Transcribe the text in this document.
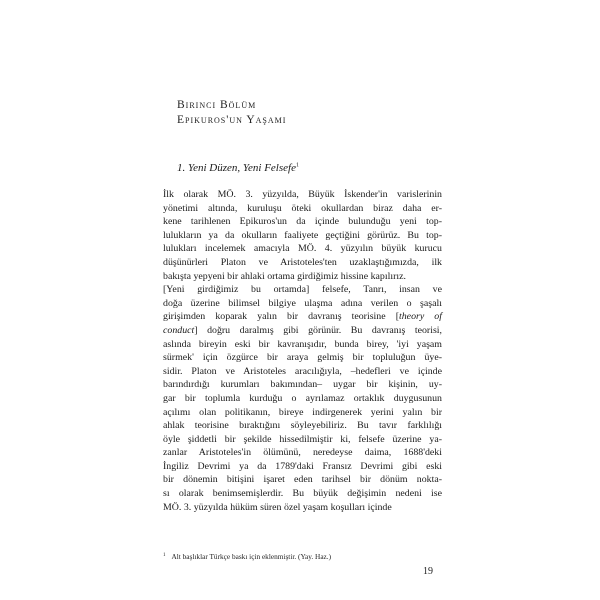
Birinci Bölüm
Epikuros'un Yaşamı
1. Yeni Düzen, Yeni Felsefe$^1$
İlk olarak MÖ. 3. yüzyılda, Büyük İskender'in varislerinin
yönetimi altında, kuruluşu öteki okullardan biraz daha er-
kene tarihlenen Epikuros'un da içinde bulunduğu yeni top-
lulukların ya da okulların faaliyete geçtiğini görürüz. Bu top-
lulukları incelemek amacıyla MÖ. 4. yüzyılın büyük kurucu
düşünürleri Platon ve Aristoteles'ten uzaklaştığımızda, ilk
bakışta yepyeni bir ahlaki ortama girdiğimiz hissine kapılırız.
[Yeni girdiğimiz bu ortamda] felsefe, Tanrı, insan ve
doğa üzerine bilimsel bilgiye ulaşma adına verilen o şaşalı
girişimden koparak yalın bir davranış teorisine [theory of
conduct] doğru daralmış gibi görünür. Bu davranış teorisi,
aslında bireyin eski bir kavranışıdır, bunda birey, 'iyi yaşam
sürmek' için özgürce bir araya gelmiş bir topluluğun üye-
sidir. Platon ve Aristoteles aracılığıyla, –hedefleri ve içinde
barındırdığı kurumları bakımından– uygar bir kişinin, uy-
gar bir toplumla kurduğu o ayrılamaz ortaklık duygusunun
açılımı olan politikanın, bireye indirgenerek yerini yalın bir
ahlak teorisine bıraktığını söyleyebiliriz. Bu tavır farklılığı
öyle şiddetli bir şekilde hissedilmiştir ki, felsefe üzerine ya-
zanlar Aristoteles'in ölümünü, neredeyse daima, 1688'deki
İngiliz Devrimi ya da 1789'daki Fransız Devrimi gibi eski
bir dönemin bitişini işaret eden tarihsel bir dönüm nokta-
sı olarak benimsemişlerdir. Bu büyük değişimin nedeni ise
MÖ. 3. yüzyılda hüküm süren özel yaşam koşulları içinde
$^1$ Alt başlıklar Türkçe baskı için eklenmiştir. (Yay. Haz.)
19
